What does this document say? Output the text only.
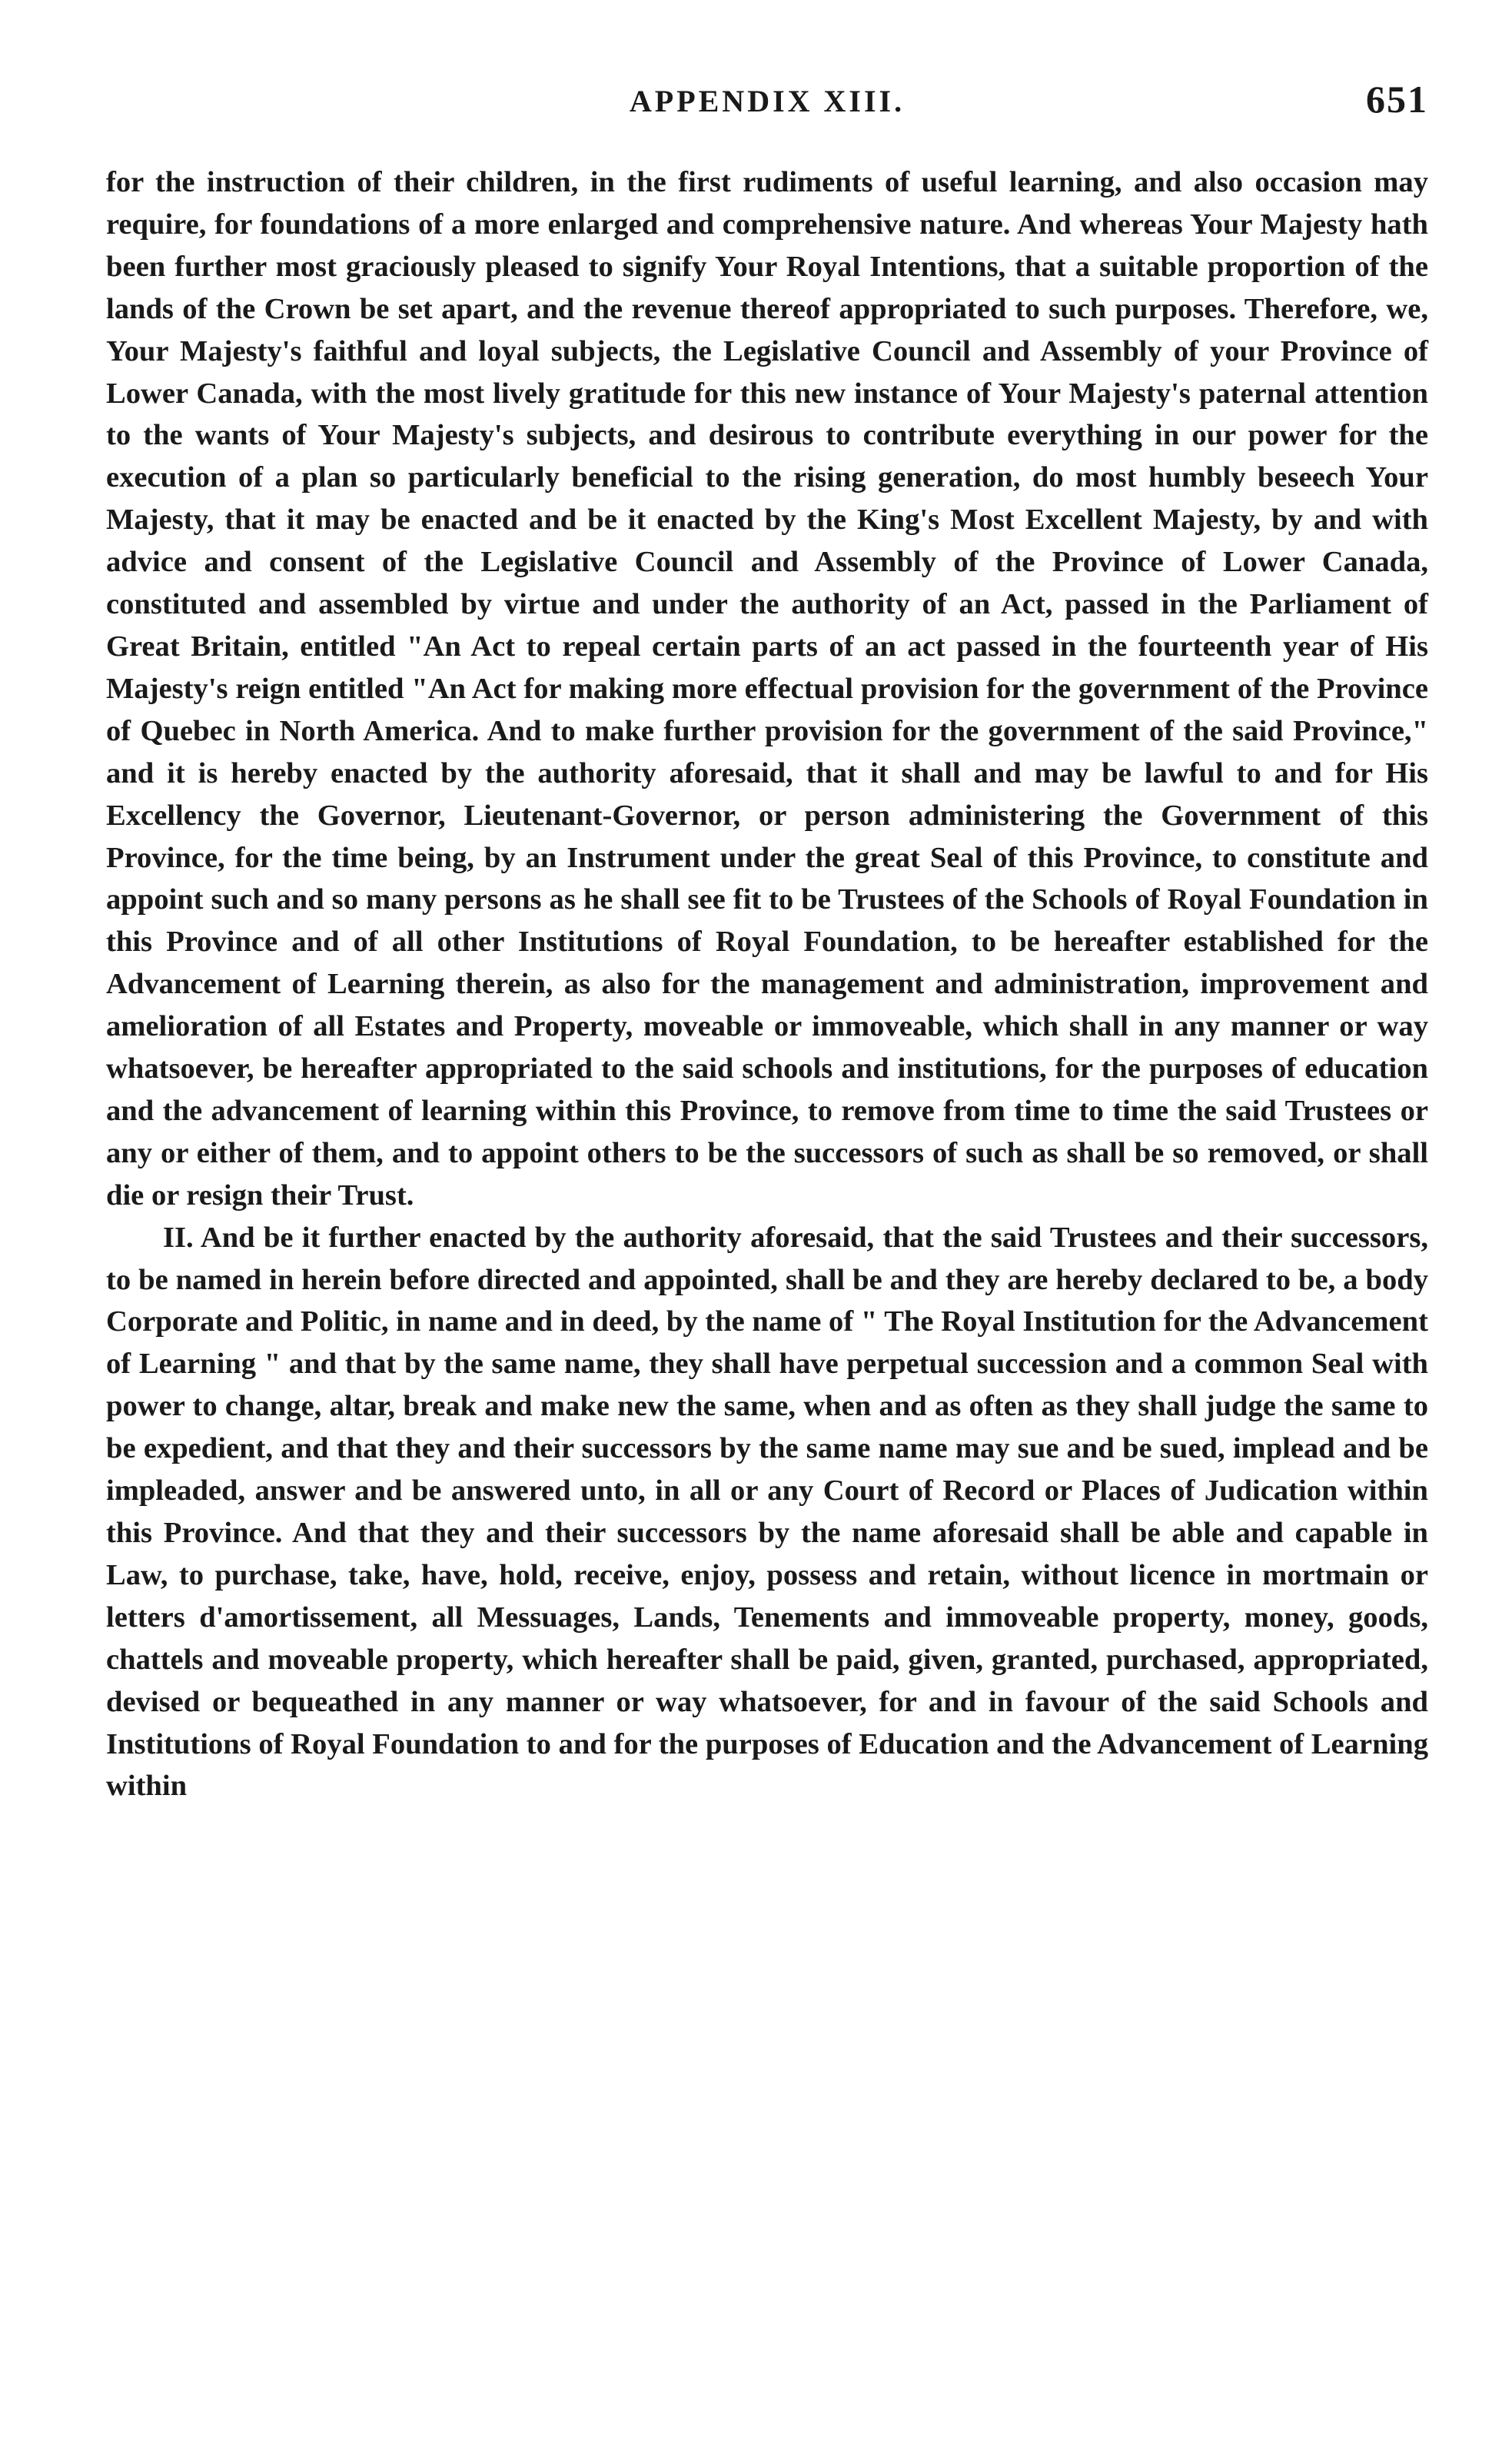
APPENDIX XIII.	651

for the instruction of their children, in the first rudiments of useful learning, and also occasion may require, for foundations of a more enlarged and comprehensive nature. And whereas Your Majesty hath been further most graciously pleased to signify Your Royal Intentions, that a suitable proportion of the lands of the Crown be set apart, and the revenue thereof appropriated to such purposes. Therefore, we, Your Majesty's faithful and loyal subjects, the Legislative Council and Assembly of your Province of Lower Canada, with the most lively gratitude for this new instance of Your Majesty's paternal attention to the wants of Your Majesty's subjects, and desirous to contribute everything in our power for the execution of a plan so particularly beneficial to the rising generation, do most humbly beseech Your Majesty, that it may be enacted and be it enacted by the King's Most Excellent Majesty, by and with advice and consent of the Legislative Council and Assembly of the Province of Lower Canada, constituted and assembled by virtue and under the authority of an Act, passed in the Parliament of Great Britain, entitled "An Act to repeal certain parts of an act passed in the fourteenth year of His Majesty's reign entitled "An Act for making more effectual provision for the government of the Province of Quebec in North America. And to make further provision for the government of the said Province," and it is hereby enacted by the authority aforesaid, that it shall and may be lawful to and for His Excellency the Governor, Lieutenant-Governor, or person administering the Government of this Province, for the time being, by an Instrument under the great Seal of this Province, to constitute and appoint such and so many persons as he shall see fit to be Trustees of the Schools of Royal Foundation in this Province and of all other Institutions of Royal Foundation, to be hereafter established for the Advancement of Learning therein, as also for the management and administration, improvement and amelioration of all Estates and Property, moveable or immoveable, which shall in any manner or way whatsoever, be hereafter appropriated to the said schools and institutions, for the purposes of education and the advancement of learning within this Province, to remove from time to time the said Trustees or any or either of them, and to appoint others to be the successors of such as shall be so removed, or shall die or resign their Trust.

II. And be it further enacted by the authority aforesaid, that the said Trustees and their successors, to be named in herein before directed and appointed, shall be and they are hereby declared to be, a body Corporate and Politic, in name and in deed, by the name of " The Royal Institution for the Advancement of Learning " and that by the same name, they shall have perpetual succession and a common Seal with power to change, altar, break and make new the same, when and as often as they shall judge the same to be expedient, and that they and their successors by the same name may sue and be sued, implead and be impleaded, answer and be answered unto, in all or any Court of Record or Places of Judication within this Province. And that they and their successors by the name aforesaid shall be able and capable in Law, to purchase, take, have, hold, receive, enjoy, possess and retain, without licence in mortmain or letters d'amortissement, all Messuages, Lands, Tenements and immoveable property, money, goods, chattels and moveable property, which hereafter shall be paid, given, granted, purchased, appropriated, devised or bequeathed in any manner or way whatsoever, for and in favour of the said Schools and Institutions of Royal Foundation to and for the purposes of Education and the Advancement of Learning within
